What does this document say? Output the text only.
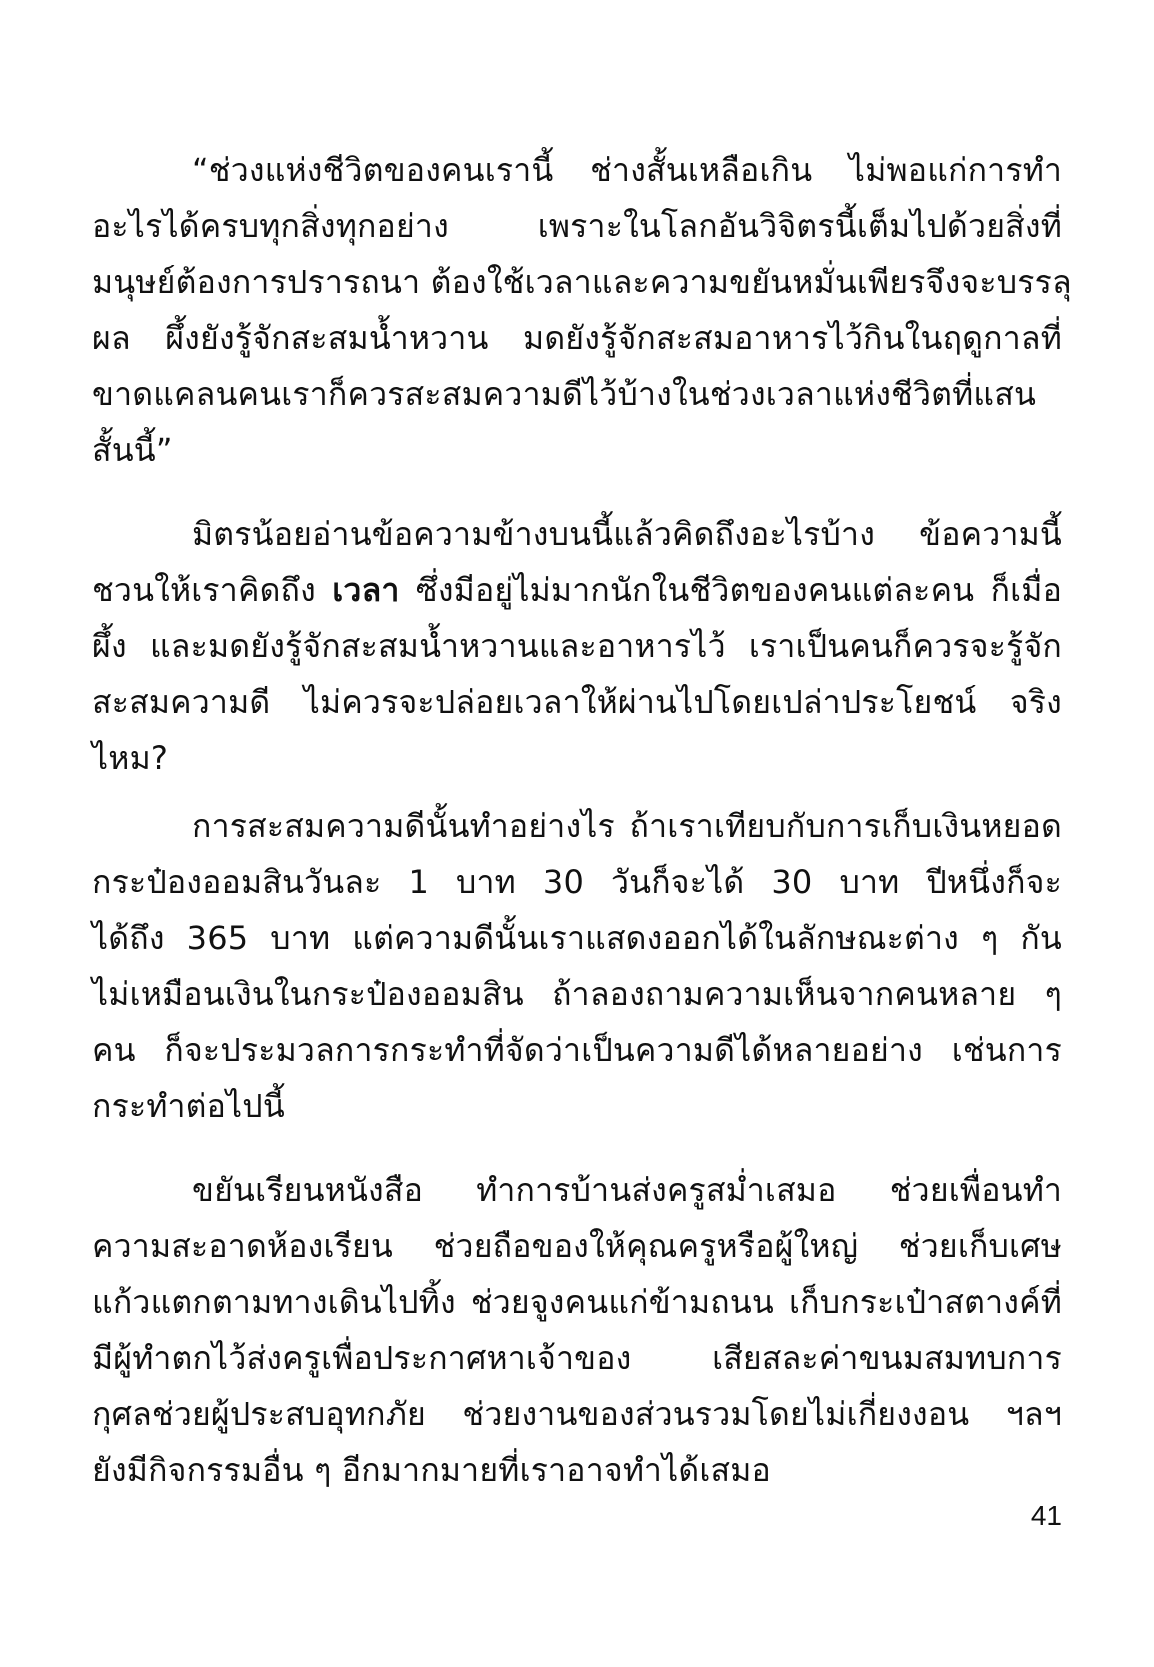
“ช่วงแห่งชีวิตของคนเรานี้ ช่างสั้นเหลือเกิน ไม่พอแก่การทำ
อะไรได้ครบทุกสิ่งทุกอย่าง เพราะในโลกอันวิจิตรนี้เต็มไปด้วยสิ่งที่
มนุษย์ต้องการปรารถนา ต้องใช้เวลาและความขยันหมั่นเพียรจึงจะบรรลุ
ผล ผึ้งยังรู้จักสะสมน้ำหวาน มดยังรู้จักสะสมอาหารไว้กินในฤดูกาลที่
ขาดแคลนคนเราก็ควรสะสมความดีไว้บ้างในช่วงเวลาแห่งชีวิตที่แสน
สั้นนี้”
มิตรน้อยอ่านข้อความข้างบนนี้แล้วคิดถึงอะไรบ้าง ข้อความนี้
ชวนให้เราคิดถึง เวลา ซึ่งมีอยู่ไม่มากนักในชีวิตของคนแต่ละคน ก็เมื่อ
ผึ้ง และมดยังรู้จักสะสมน้ำหวานและอาหารไว้ เราเป็นคนก็ควรจะรู้จัก
สะสมความดี ไม่ควรจะปล่อยเวลาให้ผ่านไปโดยเปล่าประโยชน์ จริง
ไหม?
การสะสมความดีนั้นทำอย่างไร ถ้าเราเทียบกับการเก็บเงินหยอด
กระป๋องออมสินวันละ 1 บาท 30 วันก็จะได้ 30 บาท ปีหนึ่งก็จะ
ได้ถึง 365 บาท แต่ความดีนั้นเราแสดงออกได้ในลักษณะต่าง ๆ กัน
ไม่เหมือนเงินในกระป๋องออมสิน ถ้าลองถามความเห็นจากคนหลาย ๆ
คน ก็จะประมวลการกระทำที่จัดว่าเป็นความดีได้หลายอย่าง เช่นการ
กระทำต่อไปนี้
ขยันเรียนหนังสือ ทำการบ้านส่งครูสม่ำเสมอ ช่วยเพื่อนทำ
ความสะอาดห้องเรียน ช่วยถือของให้คุณครูหรือผู้ใหญ่ ช่วยเก็บเศษ
แก้วแตกตามทางเดินไปทิ้ง ช่วยจูงคนแก่ข้ามถนน เก็บกระเป๋าสตางค์ที่
มีผู้ทำตกไว้ส่งครูเพื่อประกาศหาเจ้าของ เสียสละค่าขนมสมทบการ
กุศลช่วยผู้ประสบอุทกภัย ช่วยงานของส่วนรวมโดยไม่เกี่ยงงอน ฯลฯ
ยังมีกิจกรรมอื่น ๆ อีกมากมายที่เราอาจทำได้เสมอ
41
